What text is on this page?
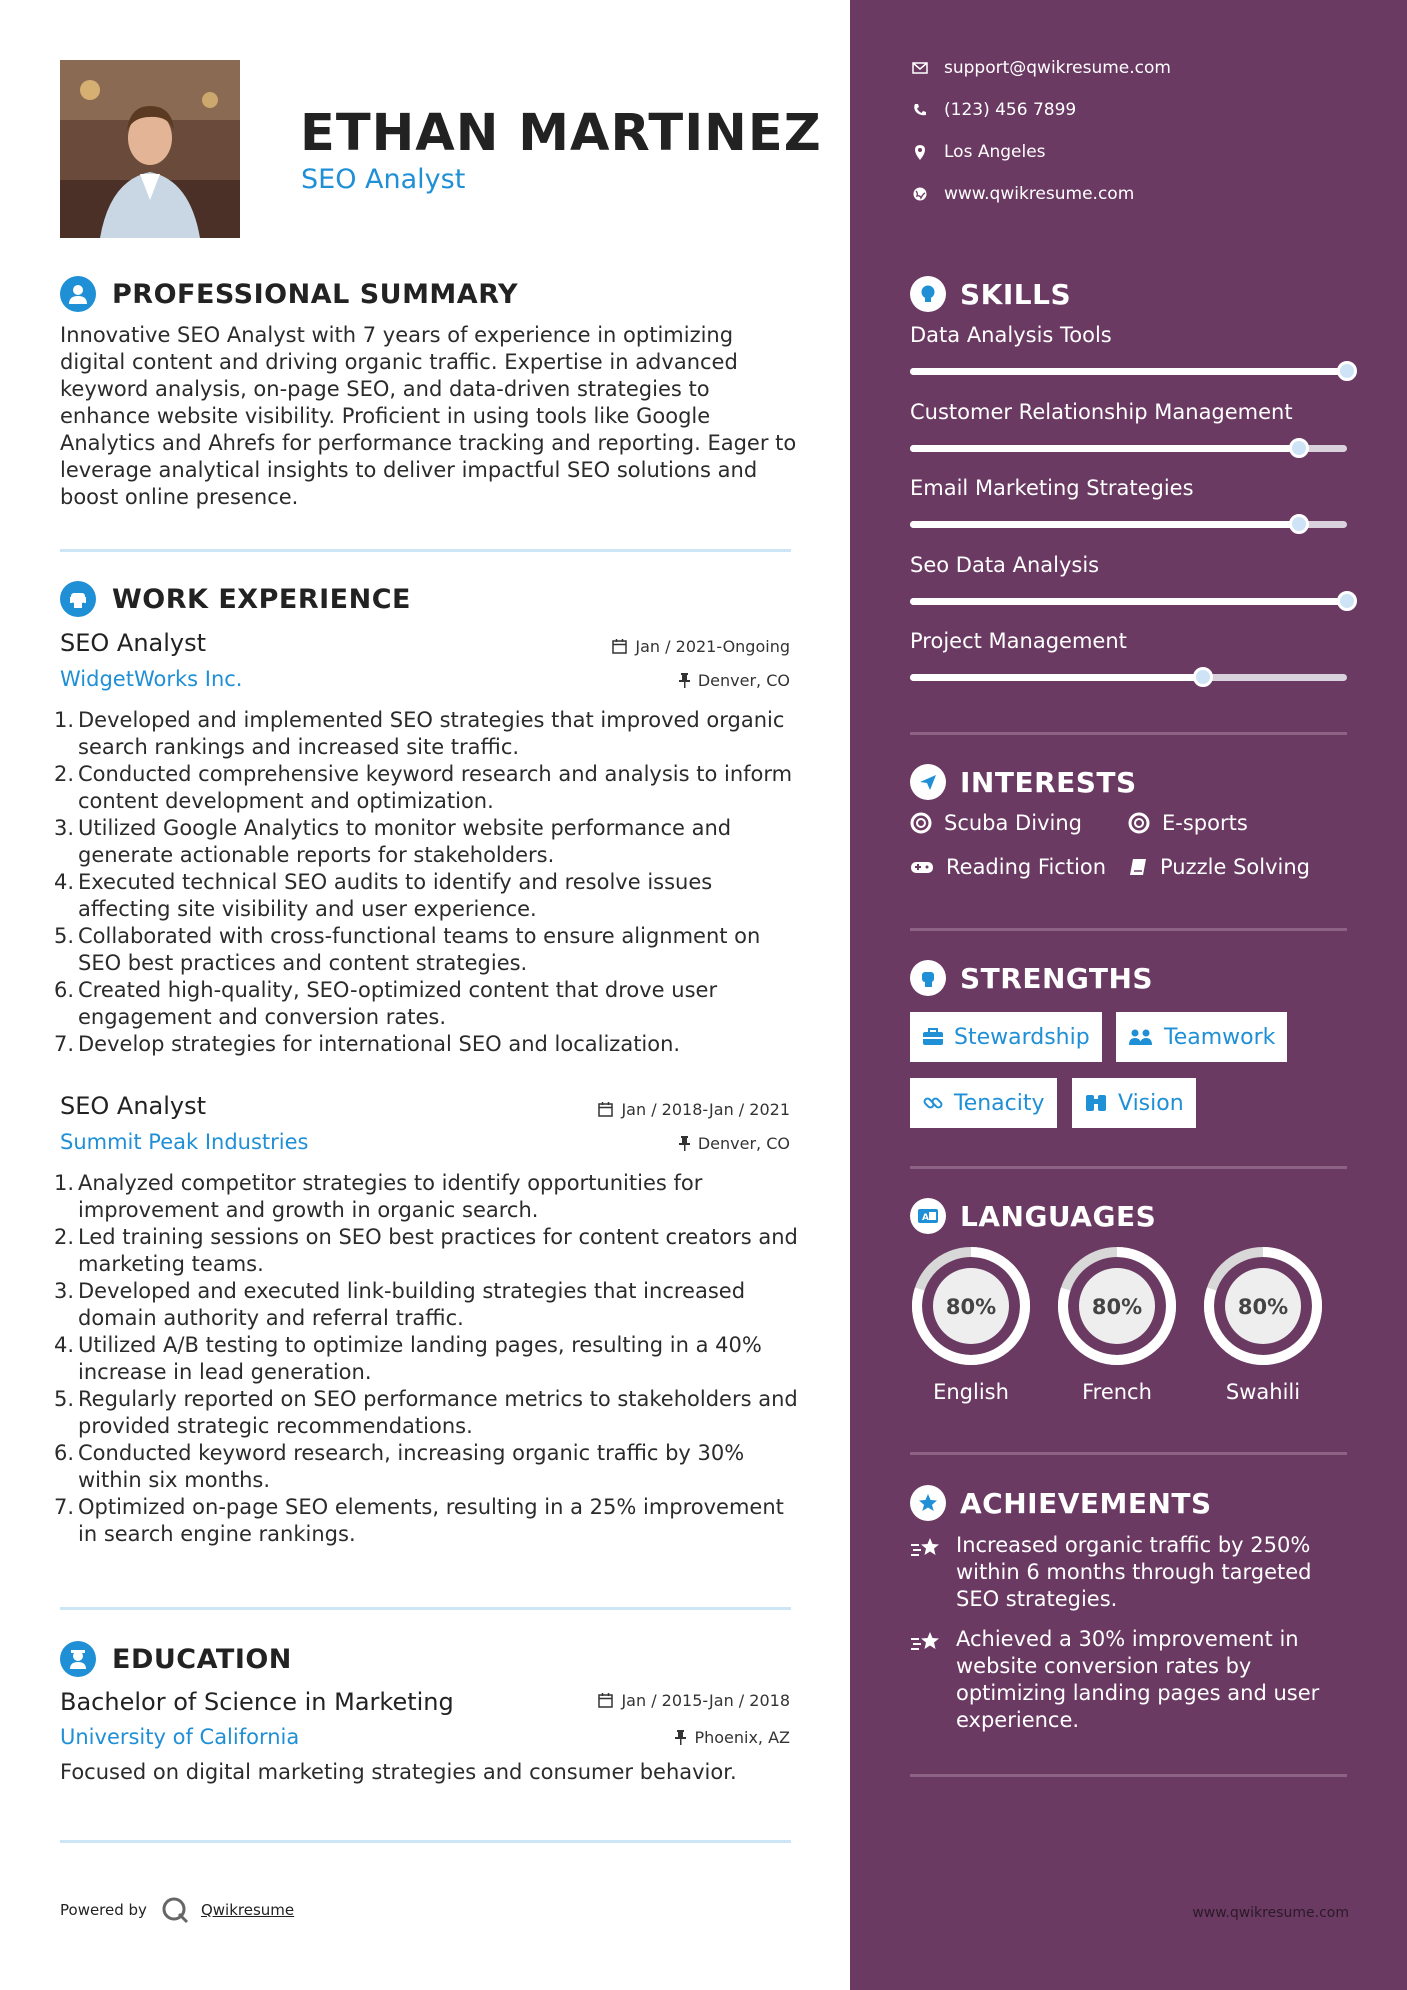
ETHAN MARTINEZ
SEO Analyst
PROFESSIONAL SUMMARY
Innovative SEO Analyst with 7 years of experience in optimizing digital content and driving organic traffic. Expertise in advanced keyword analysis, on-page SEO, and data-driven strategies to enhance website visibility. Proficient in using tools like Google Analytics and Ahrefs for performance tracking and reporting. Eager to leverage analytical insights to deliver impactful SEO solutions and boost online presence.
WORK EXPERIENCE
SEO Analyst	Jan / 2021-Ongoing
WidgetWorks Inc.	Denver, CO
1. Developed and implemented SEO strategies that improved organic search rankings and increased site traffic.
2. Conducted comprehensive keyword research and analysis to inform content development and optimization.
3. Utilized Google Analytics to monitor website performance and generate actionable reports for stakeholders.
4. Executed technical SEO audits to identify and resolve issues affecting site visibility and user experience.
5. Collaborated with cross-functional teams to ensure alignment on SEO best practices and content strategies.
6. Created high-quality, SEO-optimized content that drove user engagement and conversion rates.
7. Develop strategies for international SEO and localization.
SEO Analyst	Jan / 2018-Jan / 2021
Summit Peak Industries	Denver, CO
1. Analyzed competitor strategies to identify opportunities for improvement and growth in organic search.
2. Led training sessions on SEO best practices for content creators and marketing teams.
3. Developed and executed link-building strategies that increased domain authority and referral traffic.
4. Utilized A/B testing to optimize landing pages, resulting in a 40% increase in lead generation.
5. Regularly reported on SEO performance metrics to stakeholders and provided strategic recommendations.
6. Conducted keyword research, increasing organic traffic by 30% within six months.
7. Optimized on-page SEO elements, resulting in a 25% improvement in search engine rankings.
EDUCATION
Bachelor of Science in Marketing	Jan / 2015-Jan / 2018
University of California	Phoenix, AZ
Focused on digital marketing strategies and consumer behavior.
Powered by	Qwikresume
support@qwikresume.com
(123) 456 7899
Los Angeles
www.qwikresume.com
SKILLS
Data Analysis Tools
Customer Relationship Management
Email Marketing Strategies
Seo Data Analysis
Project Management
INTERESTS
Scuba Diving	E-sports
Reading Fiction	Puzzle Solving
STRENGTHS
Stewardship	Teamwork
Tenacity	Vision
A LANGUAGES
80%
English
80%
French
80%
Swahili
ACHIEVEMENTS
Increased organic traffic by 250% within 6 months through targeted SEO strategies.
Achieved a 30% improvement in website conversion rates by optimizing landing pages and user experience.
www.qwikresume.com
